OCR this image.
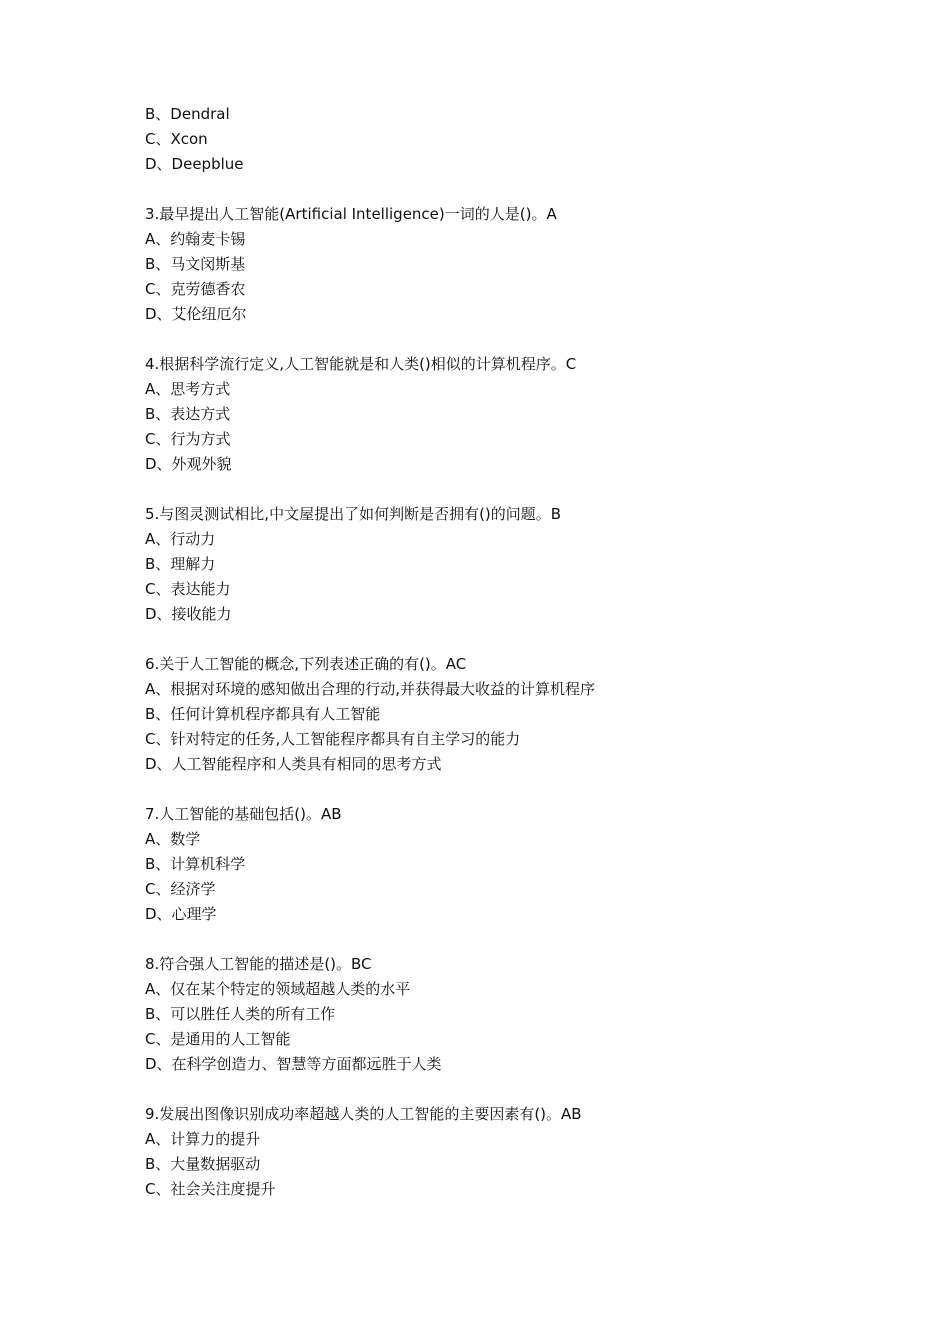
B、Dendral
C、Xcon
D、Deepblue
3.最早提出人工智能(Artificial Intelligence)一词的人是()。A
A、约翰麦卡锡
B、马文闵斯基
C、克劳德香农
D、艾伦纽厄尔
4.根据科学流行定义,人工智能就是和人类()相似的计算机程序。C
A、思考方式
B、表达方式
C、行为方式
D、外观外貌
5.与图灵测试相比,中文屋提出了如何判断是否拥有()的问题。B
A、行动力
B、理解力
C、表达能力
D、接收能力
6.关于人工智能的概念,下列表述正确的有()。AC
A、根据对环境的感知做出合理的行动,并获得最大收益的计算机程序
B、任何计算机程序都具有人工智能
C、针对特定的任务,人工智能程序都具有自主学习的能力
D、人工智能程序和人类具有相同的思考方式
7.人工智能的基础包括()。AB
A、数学
B、计算机科学
C、经济学
D、心理学
8.符合强人工智能的描述是()。BC
A、仅在某个特定的领域超越人类的水平
B、可以胜任人类的所有工作
C、是通用的人工智能
D、在科学创造力、智慧等方面都远胜于人类
9.发展出图像识别成功率超越人类的人工智能的主要因素有()。AB
A、计算力的提升
B、大量数据驱动
C、社会关注度提升
